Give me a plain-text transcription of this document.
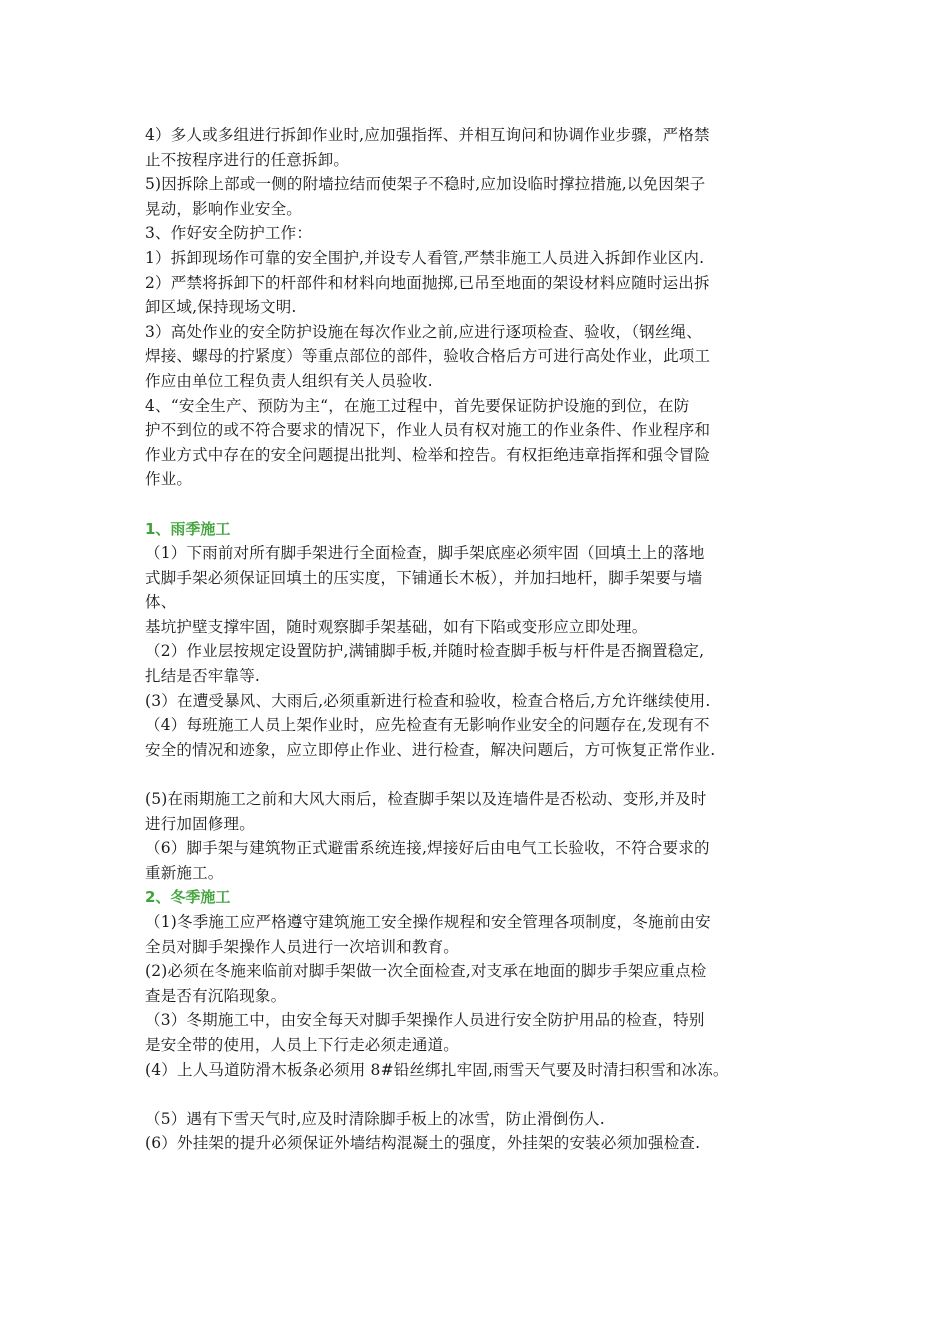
4）多人或多组进行拆卸作业时,应加强指挥、并相互询问和协调作业步骤，严格禁
止不按程序进行的任意拆卸。
5)因拆除上部或一侧的附墙拉结而使架子不稳时,应加设临时撑拉措施,以免因架子
晃动，影响作业安全。
3、作好安全防护工作：
1）拆卸现场作可靠的安全围护,并设专人看管,严禁非施工人员进入拆卸作业区内.
2）严禁将拆卸下的杆部件和材料向地面抛掷,已吊至地面的架设材料应随时运出拆
卸区域,保持现场文明.
3）高处作业的安全防护设施在每次作业之前,应进行逐项检查、验收，（钢丝绳、
焊接、螺母的拧紧度）等重点部位的部件，验收合格后方可进行高处作业，此项工
作应由单位工程负责人组织有关人员验收.
4、“安全生产、预防为主“，在施工过程中，首先要保证防护设施的到位，在防
护不到位的或不符合要求的情况下，作业人员有权对施工的作业条件、作业程序和
作业方式中存在的安全问题提出批判、检举和控告。有权拒绝违章指挥和强令冒险
作业。
1、雨季施工
（1）下雨前对所有脚手架进行全面检查，脚手架底座必须牢固（回填土上的落地
式脚手架必须保证回填土的压实度，下铺通长木板），并加扫地杆，脚手架要与墙
体、
基坑护壁支撑牢固，随时观察脚手架基础，如有下陷或变形应立即处理。
（2）作业层按规定设置防护,满铺脚手板,并随时检查脚手板与杆件是否搁置稳定,
扎结是否牢靠等.
(3）在遭受暴风、大雨后,必须重新进行检查和验收，检查合格后,方允许继续使用.
（4）每班施工人员上架作业时，应先检查有无影响作业安全的问题存在,发现有不
安全的情况和迹象，应立即停止作业、进行检查，解决问题后，方可恢复正常作业.
(5)在雨期施工之前和大风大雨后，检查脚手架以及连墙件是否松动、变形,并及时
进行加固修理。
（6）脚手架与建筑物正式避雷系统连接,焊接好后由电气工长验收，不符合要求的
重新施工。
2、冬季施工
（1)冬季施工应严格遵守建筑施工安全操作规程和安全管理各项制度，冬施前由安
全员对脚手架操作人员进行一次培训和教育。
(2)必须在冬施来临前对脚手架做一次全面检查,对支承在地面的脚步手架应重点检
查是否有沉陷现象。
（3）冬期施工中，由安全每天对脚手架操作人员进行安全防护用品的检查，特别
是安全带的使用，人员上下行走必须走通道。
(4）上人马道防滑木板条必须用 8#铅丝绑扎牢固,雨雪天气要及时清扫积雪和冰冻。
（5）遇有下雪天气时,应及时清除脚手板上的冰雪，防止滑倒伤人.
(6）外挂架的提升必须保证外墙结构混凝土的强度，外挂架的安装必须加强检查.
